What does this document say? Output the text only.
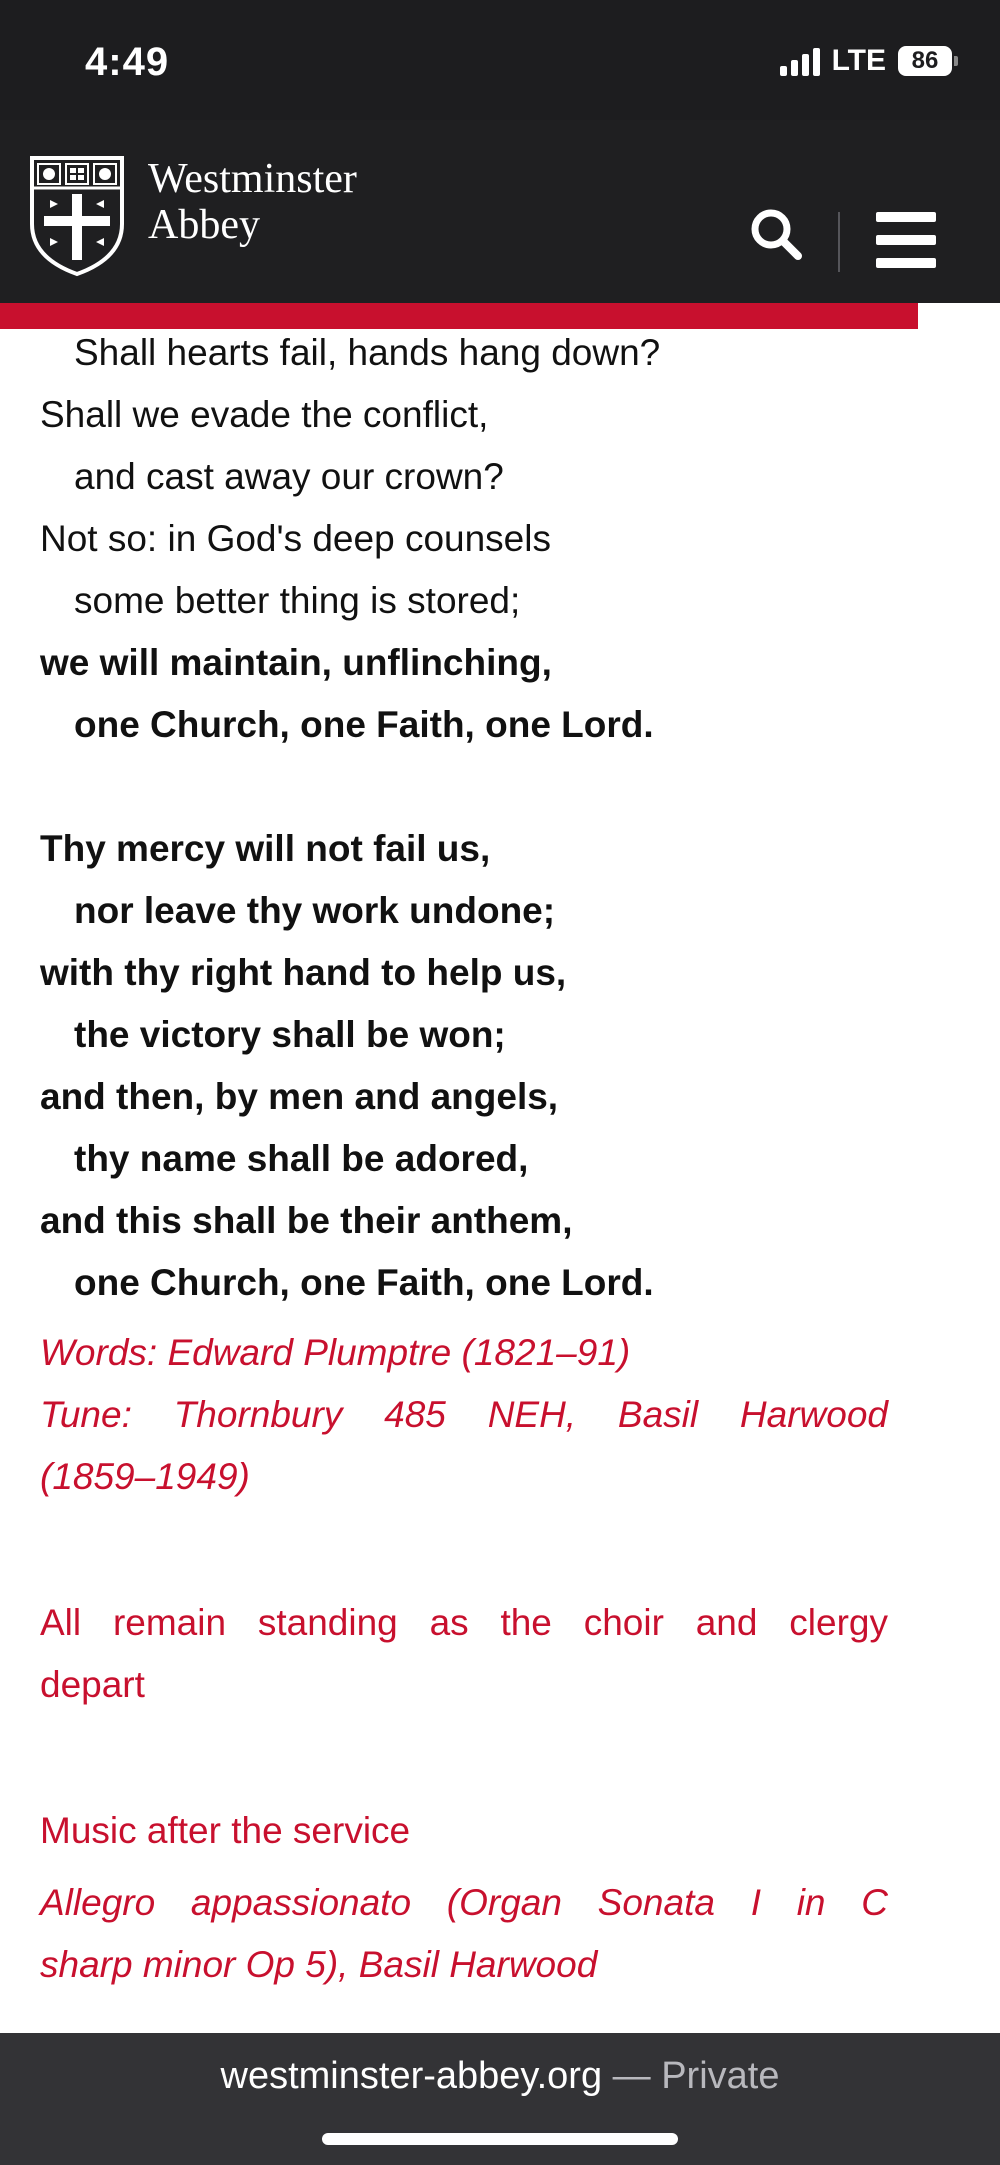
4:49	LTE 86
Westminster
Abbey
Shall hearts fail, hands hang down?
Shall we evade the conflict,
and cast away our crown?
Not so: in God's deep counsels
some better thing is stored;
we will maintain, unflinching,
one Church, one Faith, one Lord.
Thy mercy will not fail us,
nor leave thy work undone;
with thy right hand to help us,
the victory shall be won;
and then, by men and angels,
thy name shall be adored,
and this shall be their anthem,
one Church, one Faith, one Lord.
Words: Edward Plumptre (1821–91)
Tune: Thornbury 485 NEH, Basil Harwood
(1859–1949)
All remain standing as the choir and clergy
depart
Music after the service
Allegro appassionato (Organ Sonata I in C
sharp minor Op 5), Basil Harwood
westminster-abbey.org — Private
